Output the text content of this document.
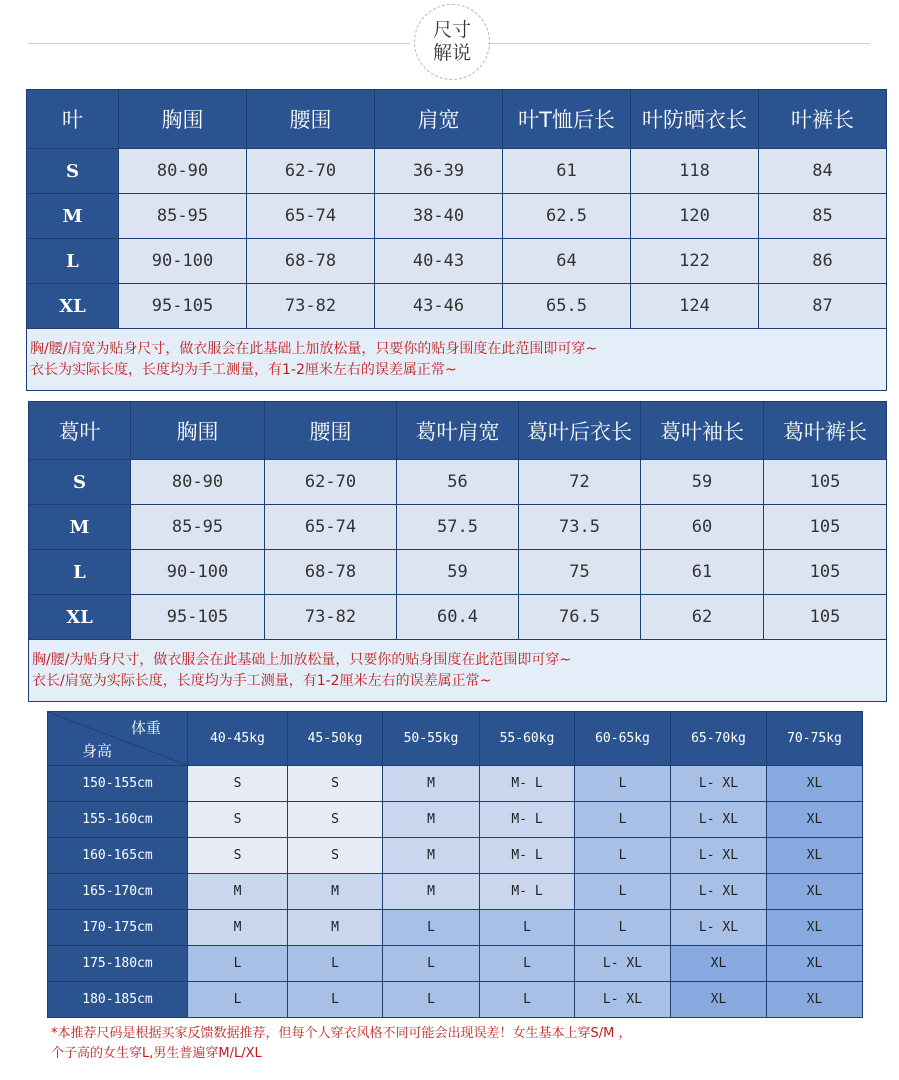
尺寸
解说
叶	胸围	腰围	肩宽	叶T恤后长	叶防晒衣长	叶裤长
S	80-90	62-70	36-39	61	118	84
M	85-95	65-74	38-40	62.5	120	85
L	90-100	68-78	40-43	64	122	86
XL	95-105	73-82	43-46	65.5	124	87

胸/腰/肩宽为贴身尺寸，做衣服会在此基础上加放松量，只要你的贴身围度在此范围即可穿~
衣长为实际长度，长度均为手工测量，有1-2厘米左右的误差属正常~						
葛叶	胸围	腰围	葛叶肩宽	葛叶后衣长	葛叶袖长	葛叶裤长
S	80-90	62-70	56	72	59	105
M	85-95	65-74	57.5	73.5	60	105
L	90-100	68-78	59	75	61	105
XL	95-105	73-82	60.4	76.5	62	105

胸/腰/为贴身尺寸，做衣服会在此基础上加放松量，只要你的贴身围度在此范围即可穿~
衣长/肩宽为实际长度，长度均为手工测量，有1-2厘米左右的误差属正常~						
体重
身高	40-45kg	45-50kg	50-55kg	55-60kg	60-65kg	65-70kg	70-75kg
150-155cm	S	S	M	M- L	L	L- XL	XL
155-160cm	S	S	M	M- L	L	L- XL	XL
160-165cm	S	S	M	M- L	L	L- XL	XL
165-170cm	M	M	M	M- L	L	L- XL	XL
170-175cm	M	M	L	L	L	L- XL	XL
175-180cm	L	L	L	L	L- XL	XL	XL
180-185cm	L	L	L	L	L- XL	XL	XL

*本推荐尺码是根据买家反馈数据推荐，但每个人穿衣风格不同可能会出现误差！女生基本上穿S/M ，
个子高的女生穿L,男生普遍穿M/L/XL							
